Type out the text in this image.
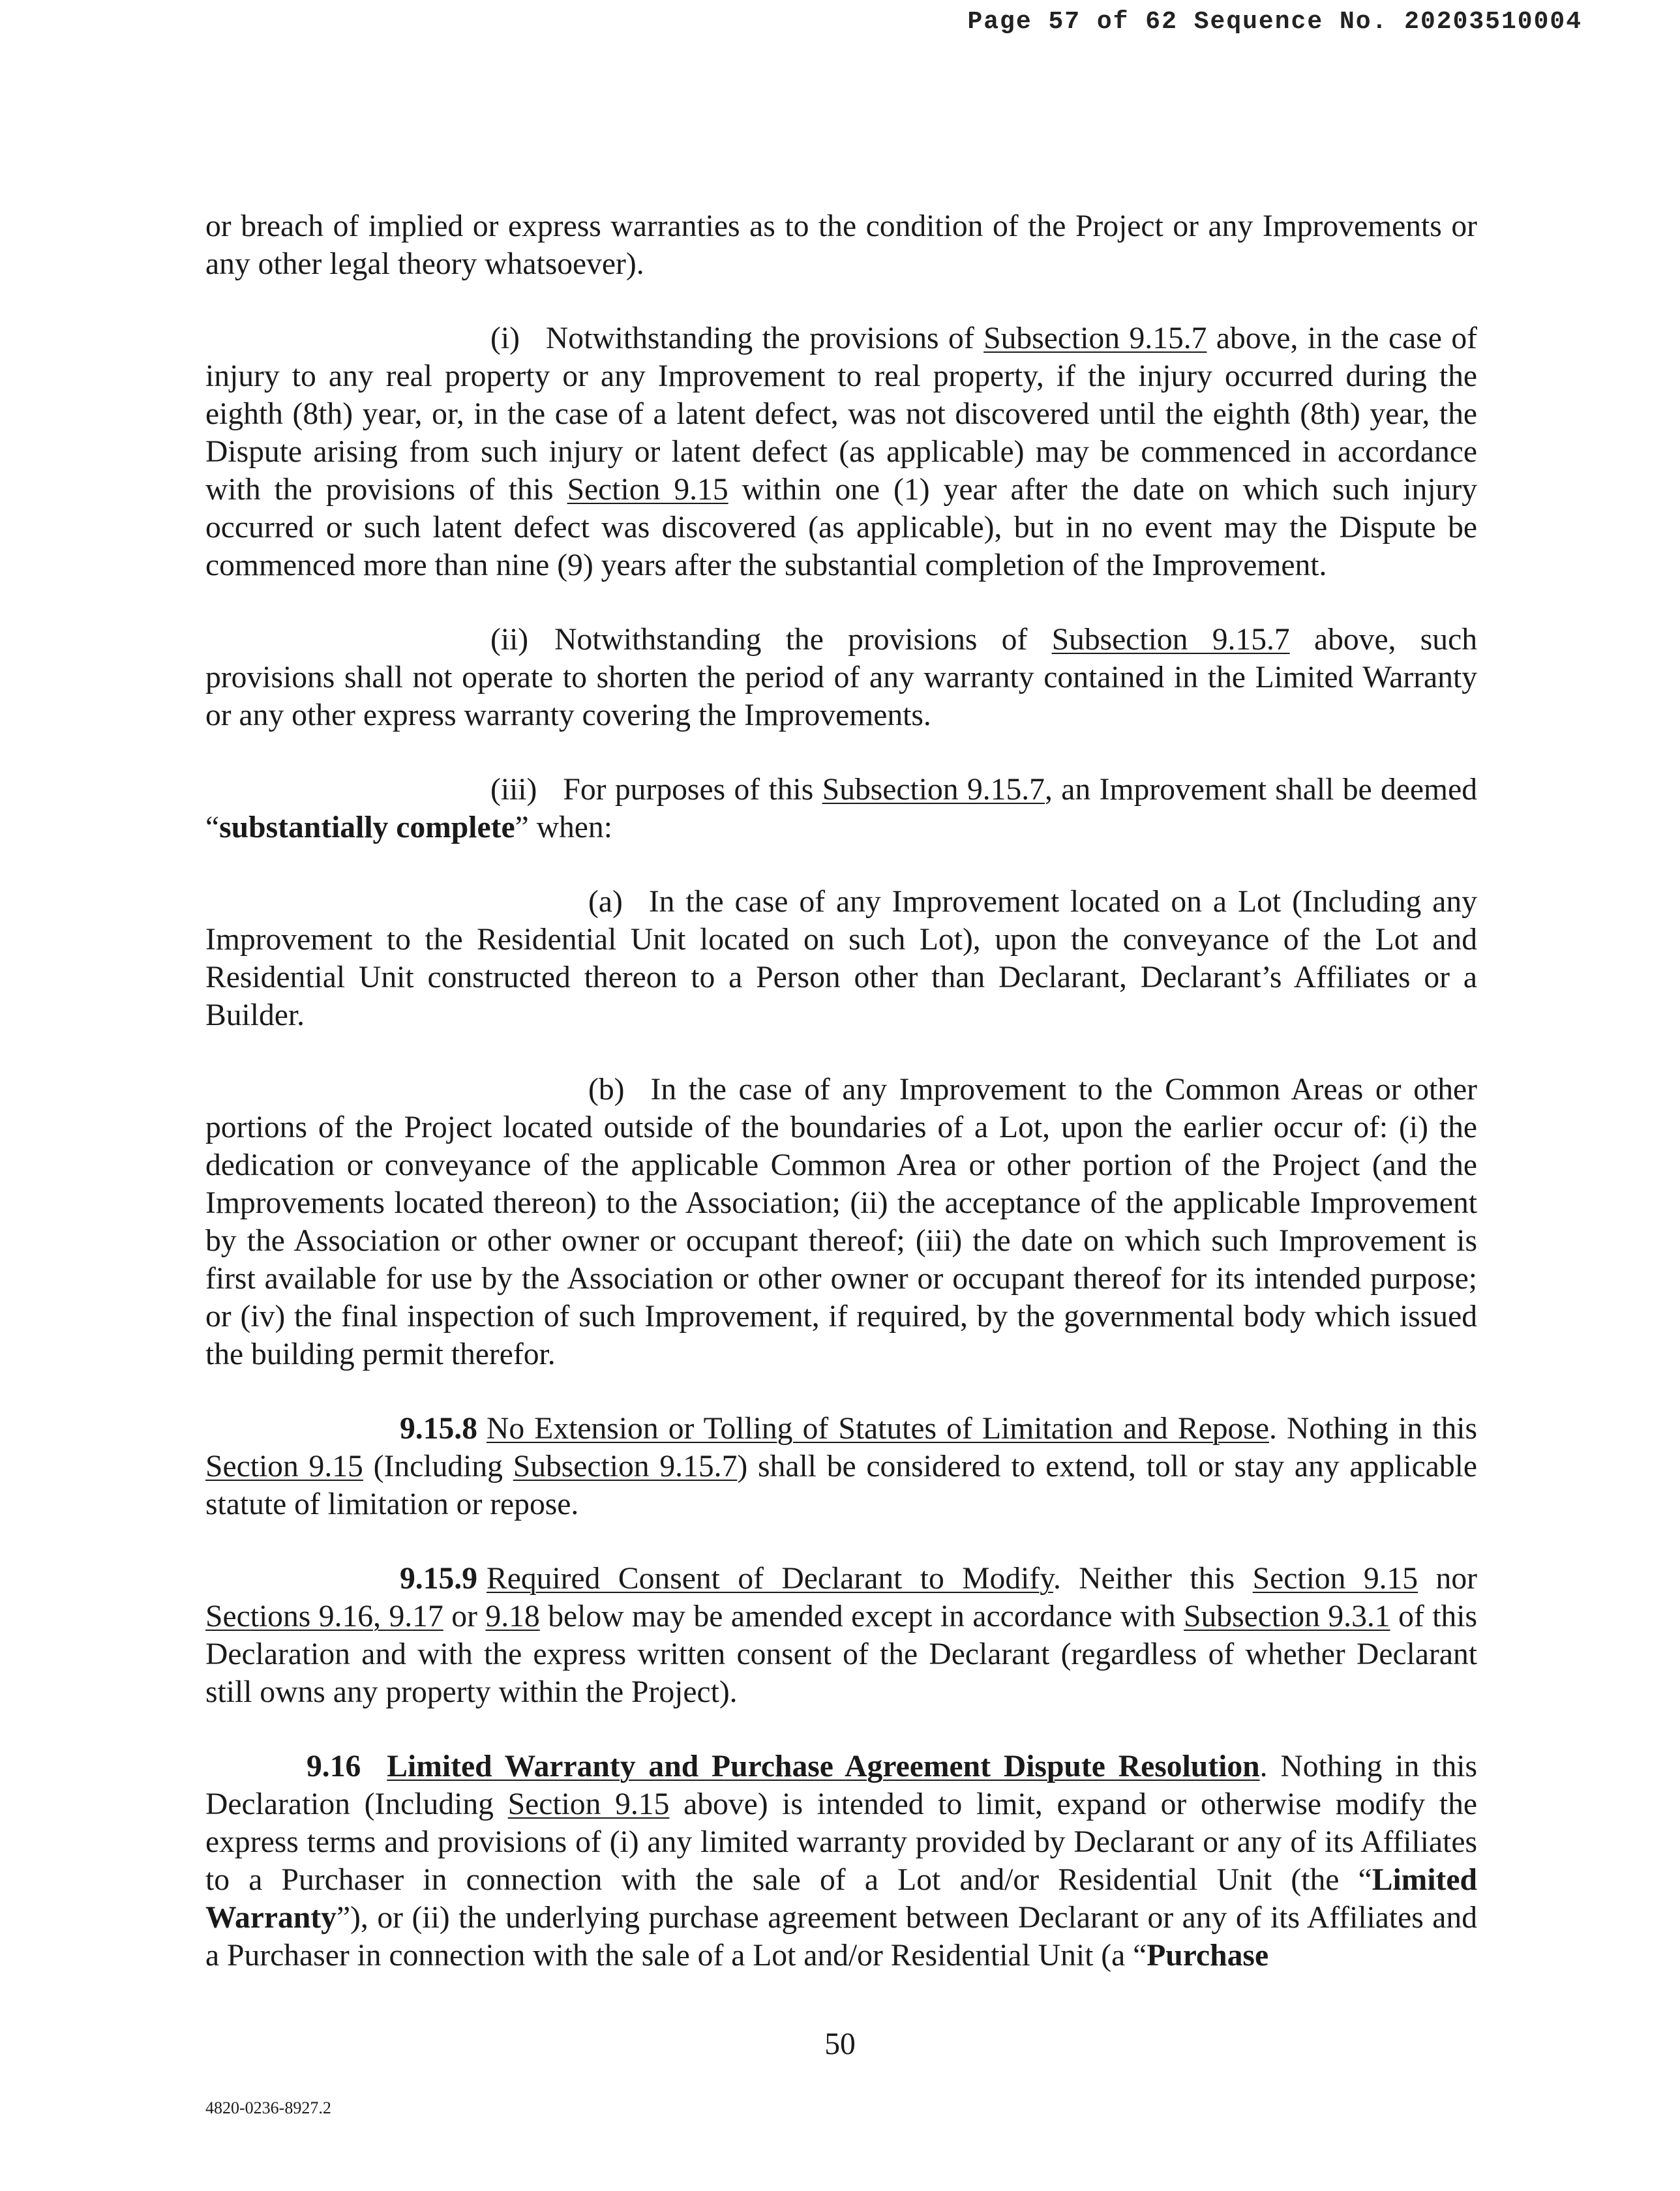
Page 57 of 62 Sequence No. 20203510004

or breach of implied or express warranties as to the condition of the Project or any Improvements or any other legal theory whatsoever).

(i) Notwithstanding the provisions of Subsection 9.15.7 above, in the case of injury to any real property or any Improvement to real property, if the injury occurred during the eighth (8th) year, or, in the case of a latent defect, was not discovered until the eighth (8th) year, the Dispute arising from such injury or latent defect (as applicable) may be commenced in accordance with the provisions of this Section 9.15 within one (1) year after the date on which such injury occurred or such latent defect was discovered (as applicable), but in no event may the Dispute be commenced more than nine (9) years after the substantial completion of the Improvement.

(ii) Notwithstanding the provisions of Subsection 9.15.7 above, such provisions shall not operate to shorten the period of any warranty contained in the Limited Warranty or any other express warranty covering the Improvements.

(iii) For purposes of this Subsection 9.15.7, an Improvement shall be deemed “substantially complete” when:

(a) In the case of any Improvement located on a Lot (Including any Improvement to the Residential Unit located on such Lot), upon the conveyance of the Lot and Residential Unit constructed thereon to a Person other than Declarant, Declarant’s Affiliates or a Builder.

(b) In the case of any Improvement to the Common Areas or other portions of the Project located outside of the boundaries of a Lot, upon the earlier occur of: (i) the dedication or conveyance of the applicable Common Area or other portion of the Project (and the Improvements located thereon) to the Association; (ii) the acceptance of the applicable Improvement by the Association or other owner or occupant thereof; (iii) the date on which such Improvement is first available for use by the Association or other owner or occupant thereof for its intended purpose; or (iv) the final inspection of such Improvement, if required, by the governmental body which issued the building permit therefor.

9.15.8 No Extension or Tolling of Statutes of Limitation and Repose. Nothing in this Section 9.15 (Including Subsection 9.15.7) shall be considered to extend, toll or stay any applicable statute of limitation or repose.

9.15.9 Required Consent of Declarant to Modify. Neither this Section 9.15 nor Sections 9.16, 9.17 or 9.18 below may be amended except in accordance with Subsection 9.3.1 of this Declaration and with the express written consent of the Declarant (regardless of whether Declarant still owns any property within the Project).

9.16 Limited Warranty and Purchase Agreement Dispute Resolution. Nothing in this Declaration (Including Section 9.15 above) is intended to limit, expand or otherwise modify the express terms and provisions of (i) any limited warranty provided by Declarant or any of its Affiliates to a Purchaser in connection with the sale of a Lot and/or Residential Unit (the “Limited Warranty”), or (ii) the underlying purchase agreement between Declarant or any of its Affiliates and a Purchaser in connection with the sale of a Lot and/or Residential Unit (a “Purchase

50
4820-0236-8927.2
